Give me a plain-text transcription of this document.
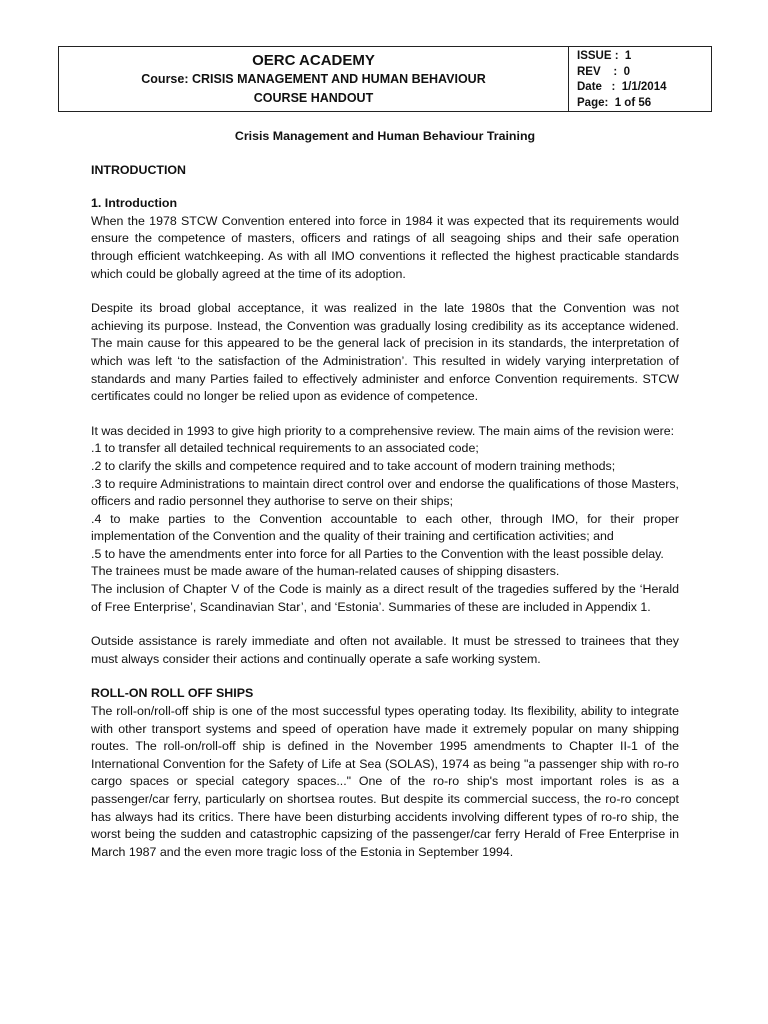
OERC ACADEMY
Course: CRISIS MANAGEMENT AND HUMAN BEHAVIOUR
COURSE HANDOUT
ISSUE :  1
REV    :  0
Date   :  1/1/2014
Page:  1 of 56
Crisis Management and Human Behaviour Training
INTRODUCTION
1. Introduction

When the 1978 STCW Convention entered into force in 1984 it was expected that its requirements would ensure the competence of masters, officers and ratings of all seagoing ships and their safe operation through efficient watchkeeping. As with all IMO conventions it reflected the highest practicable standards which could be globally agreed at the time of its adoption.

Despite its broad global acceptance, it was realized in the late 1980s that the Convention was not achieving its purpose. Instead, the Convention was gradually losing credibility as its acceptance widened. The main cause for this appeared to be the general lack of precision in its standards, the interpretation of which was left ‘to the satisfaction of the Administration’. This resulted in widely varying interpretation of standards and many Parties failed to effectively administer and enforce Convention requirements. STCW certificates could no longer be relied upon as evidence of competence.

It was decided in 1993 to give high priority to a comprehensive review. The main aims of the revision were:

.1 to transfer all detailed technical requirements to an associated code;

.2 to clarify the skills and competence required and to take account of modern training methods;

.3 to require Administrations to maintain direct control over and endorse the qualifications of those Masters, officers and radio personnel they authorise to serve on their ships;

.4 to make parties to the Convention accountable to each other, through IMO, for their proper implementation of the Convention and the quality of their training and certification activities; and

.5 to have the amendments enter into force for all Parties to the Convention with the least possible delay.

The trainees must be made aware of the human-related causes of shipping disasters.

The inclusion of Chapter V of the Code is mainly as a direct result of the tragedies suffered by the ‘Herald of Free Enterprise’, Scandinavian Star’, and ‘Estonia’. Summaries of these are included in Appendix 1.

Outside assistance is rarely immediate and often not available. It must be stressed to trainees that they must always consider their actions and continually operate a safe working system.

ROLL-ON ROLL OFF SHIPS

The roll-on/roll-off ship is one of the most successful types operating today. Its flexibility, ability to integrate with other transport systems and speed of operation have made it extremely popular on many shipping routes. The roll-on/roll-off ship is defined in the November 1995 amendments to Chapter II-1 of the International Convention for the Safety of Life at Sea (SOLAS), 1974 as being "a passenger ship with ro-ro cargo spaces or special category spaces..." One of the ro-ro ship's most important roles is as a passenger/car ferry, particularly on shortsea routes. But despite its commercial success, the ro-ro concept has always had its critics. There have been disturbing accidents involving different types of ro-ro ship, the worst being the sudden and catastrophic capsizing of the passenger/car ferry Herald of Free Enterprise in March 1987 and the even more tragic loss of the Estonia in September 1994.
